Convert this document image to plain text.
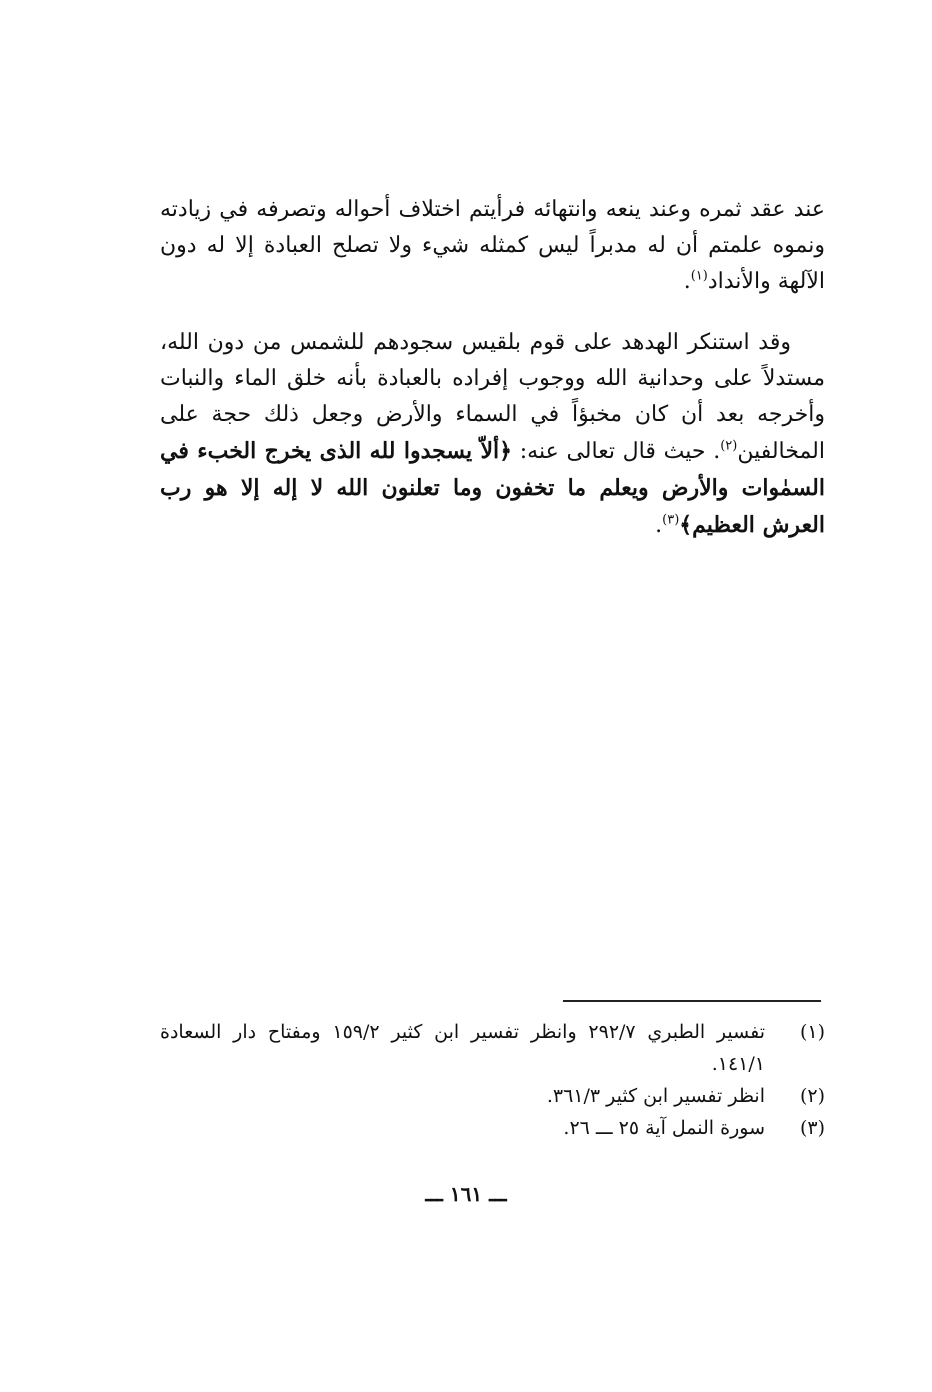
عند عقد ثمره وعند ينعه وانتهائه فرأيتم اختلاف أحواله وتصرفه في زيادته ونموه علمتم أن له مدبراً ليس كمثله شيء ولا تصلح العبادة إلا له دون الآلهة والأنداد$^{(١)}$.

وقد استنكر الهدهد على قوم بلقيس سجودهم للشمس من دون الله، مستدلاً على وحدانية الله ووجوب إفراده بالعبادة بأنه خلق الماء والنبات وأخرجه بعد أن كان مخبؤاً في السماء والأرض وجعل ذلك حجة على المخالفين$^{(٢)}$. حيث قال تعالى عنه: ﴿ألاّ يسجدوا لله الذى يخرج الخبء في السمٰوات والأرض ويعلم ما تخفون وما تعلنون الله لا إله إلا هو رب العرش العظيم﴾$^{(٣)}$.

(١)
تفسير الطبري ٢٩٢/٧ وانظر تفسير ابن كثير ١٥٩/٢ ومفتاح دار السعادة ١٤١/١.
(٢)
انظر تفسير ابن كثير ٣٦١/٣.
(٣)
سورة النمل آية ٢٥ ـــ ٢٦.
ـــ ١٦١ ـــ
